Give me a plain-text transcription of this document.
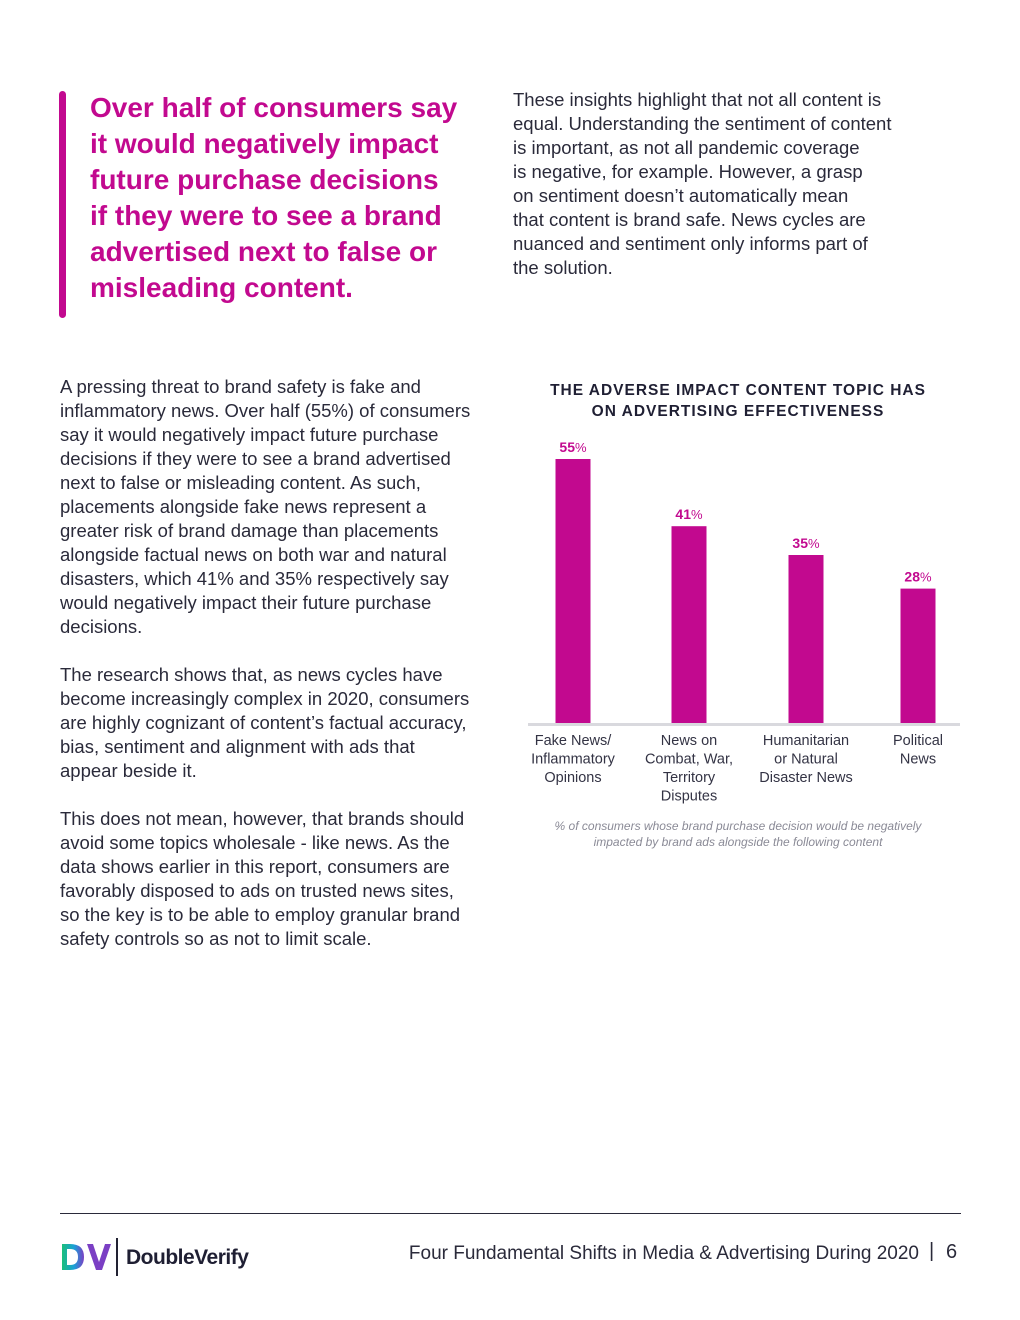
Over half of consumers say
it would negatively impact
future purchase decisions
if they were to see a brand
advertised next to false or
misleading content.
These insights highlight that not all content is
equal. Understanding the sentiment of content
is important, as not all pandemic coverage
is negative, for example. However, a grasp
on sentiment doesn’t automatically mean
that content is brand safe. News cycles are
nuanced and sentiment only informs part of
the solution.

A pressing threat to brand safety is fake and
inflammatory news. Over half (55%) of consumers
say it would negatively impact future purchase
decisions if they were to see a brand advertised
next to false or misleading content. As such,
placements alongside fake news represent a
greater risk of brand damage than placements
alongside factual news on both war and natural
disasters, which 41% and 35% respectively say
would negatively impact their future purchase
decisions.

The research shows that, as news cycles have
become increasingly complex in 2020, consumers
are highly cognizant of content’s factual accuracy,
bias, sentiment and alignment with ads that
appear beside it.

This does not mean, however, that brands should
avoid some topics wholesale - like news. As the
data shows earlier in this report, consumers are
favorably disposed to ads on trusted news sites,
so the key is to be able to employ granular brand
safety controls so as not to limit scale.

THE ADVERSE IMPACT CONTENT TOPIC HAS
ON ADVERTISING EFFECTIVENESS
55%
Fake News/ Inflammatory Opinions
41%
News on Combat, War, Territory Disputes
35%
Humanitarian or Natural Disaster News
28%
Political News
% of consumers whose brand purchase decision would be negatively
impacted by brand ads alongside the following content
DoubleVerify	Four Fundamental Shifts in Media & Advertising During 2020 | 6
